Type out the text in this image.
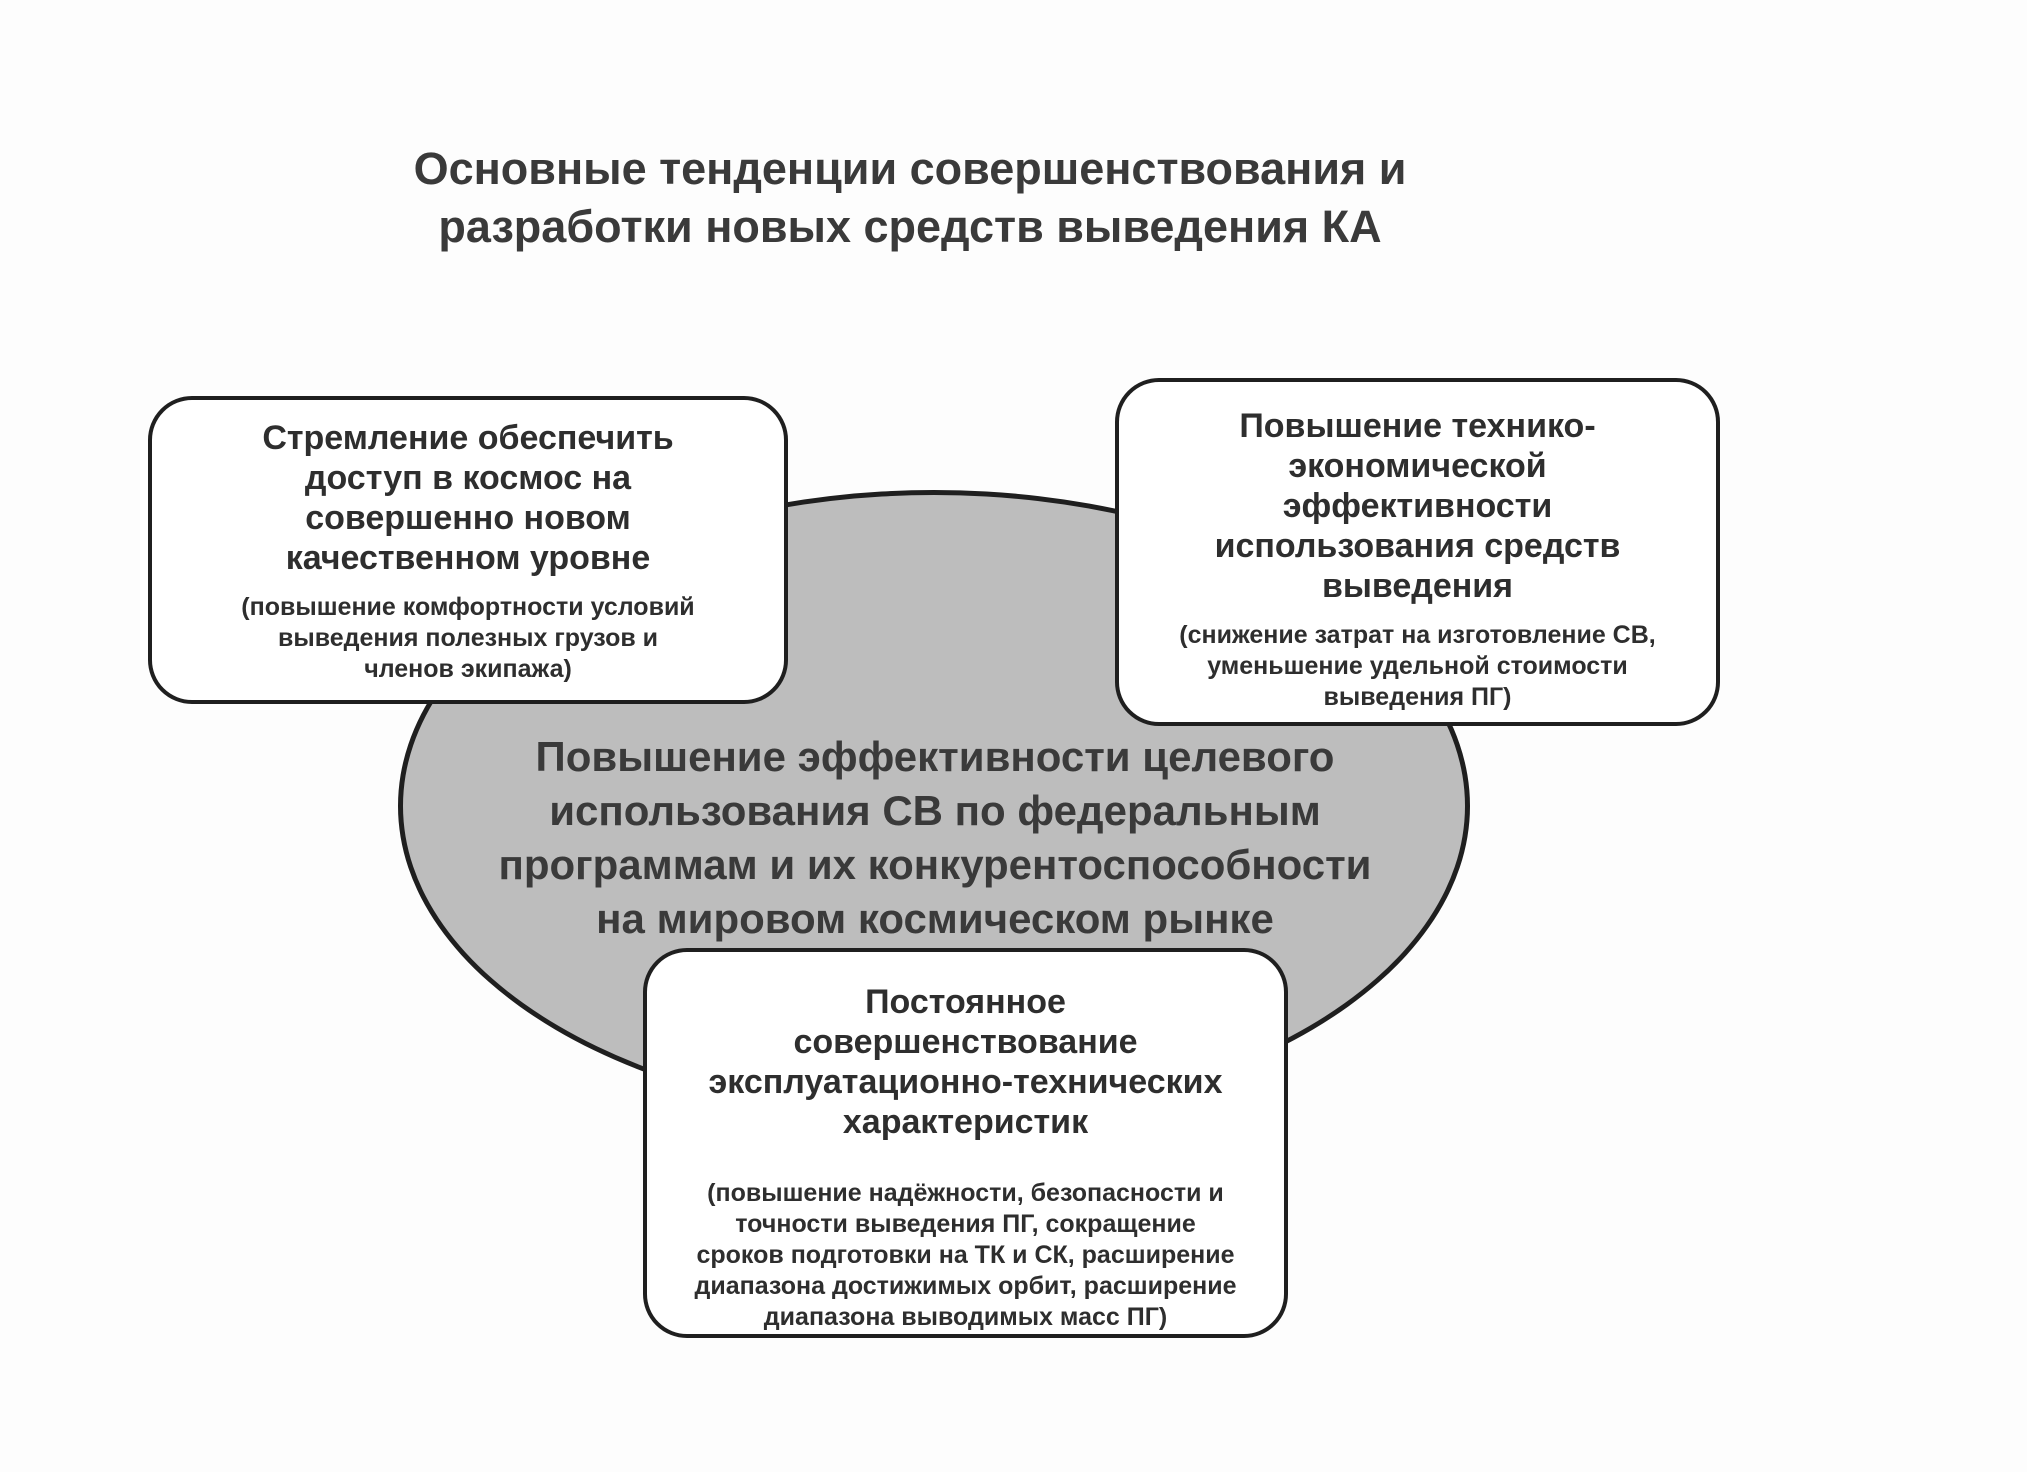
Основные тенденции совершенствования и
разработки новых средств выведения КА
Повышение эффективности целевого
использования СВ по федеральным
программам и их конкурентоспособности
на мировом космическом рынке
Стремление обеспечить
доступ в космос на
совершенно новом
качественном уровне
(повышение комфортности условий
выведения полезных грузов и
членов экипажа)
Повышение технико-
экономической
эффективности
использования средств
выведения
(снижение затрат на изготовление СВ,
уменьшение удельной стоимости
выведения ПГ)
Постоянное
совершенствование
эксплуатационно-технических
характеристик
(повышение надёжности, безопасности и
точности выведения ПГ, сокращение
сроков подготовки на ТК и СК, расширение
диапазона достижимых орбит, расширение
диапазона выводимых масс ПГ)
